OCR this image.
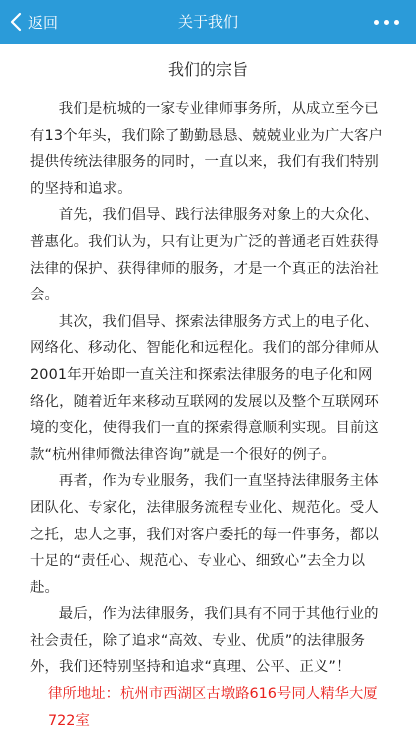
返回	关于我们
我们的宗旨

我们是杭城的一家专业律师事务所，从成立至今已有13个年头，我们除了勤勤恳恳、兢兢业业为广大客户提供传统法律服务的同时，一直以来，我们有我们特别的坚持和追求。

首先，我们倡导、践行法律服务对象上的大众化、普惠化。我们认为，只有让更为广泛的普通老百姓获得法律的保护、获得律师的服务，才是一个真正的法治社会。

其次，我们倡导、探索法律服务方式上的电子化、网络化、移动化、智能化和远程化。我们的部分律师从2001年开始即一直关注和探索法律服务的电子化和网络化，随着近年来移动互联网的发展以及整个互联网环境的变化，使得我们一直的探索得意顺利实现。目前这款“杭州律师微法律咨询”就是一个很好的例子。

再者，作为专业服务，我们一直坚持法律服务主体团队化、专家化，法律服务流程专业化、规范化。受人之托，忠人之事，我们对客户委托的每一件事务，都以十足的“责任心、规范心、专业心、细致心”去全力以赴。

最后，作为法律服务，我们具有不同于其他行业的社会责任，除了追求“高效、专业、优质”的法律服务外，我们还特别坚持和追求“真理、公平、正义”！

律所地址：杭州市西湖区古墩路616号同人精华大厦722室
